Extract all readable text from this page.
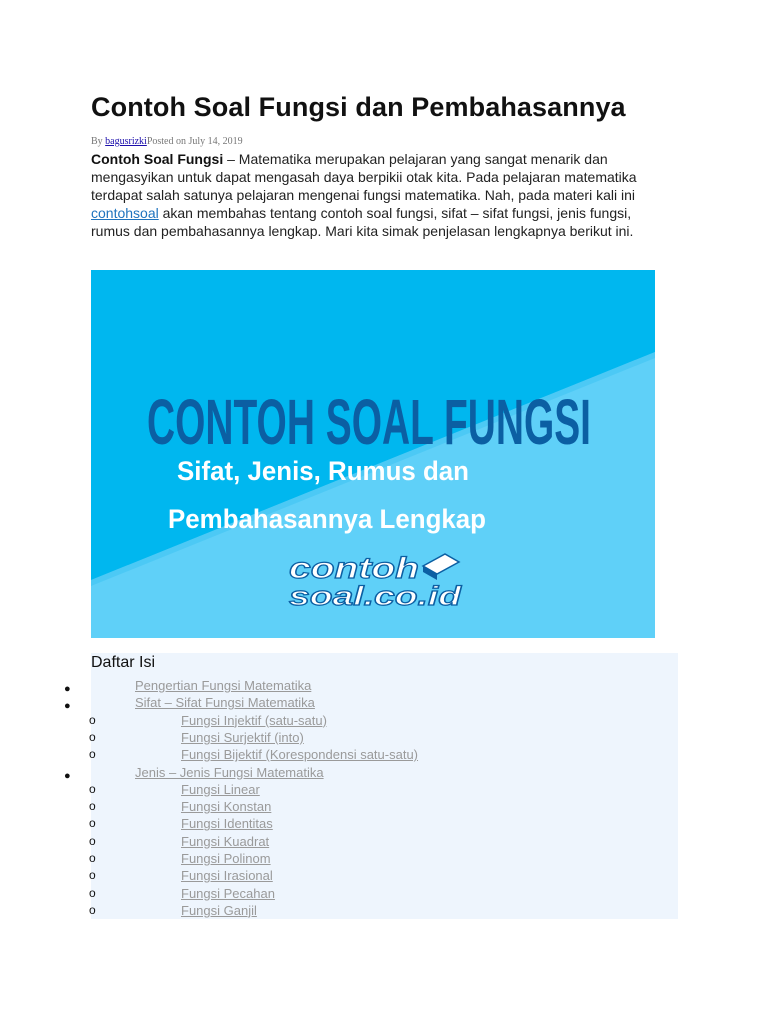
Contoh Soal Fungsi dan Pembahasannya
By bagusrizkiPosted on July 14, 2019

Contoh Soal Fungsi – Matematika merupakan pelajaran yang sangat menarik dan mengasyikan untuk dapat mengasah daya berpikii otak kita. Pada pelajaran matematika terdapat salah satunya pelajaran mengenai fungsi matematika. Nah, pada materi kali ini contohsoal akan membahas tentang contoh soal fungsi, sifat – sifat fungsi, jenis fungsi, rumus dan pembahasannya lengkap. Mari kita simak penjelasan lengkapnya berikut ini.

CONTOH SOAL FUNGSI
Sifat, Jenis, Rumus dan
Pembahasannya Lengkap
contoh
soal.co.id
Daftar Isi
●	Pengertian Fungsi Matematika
●	Sifat – Sifat Fungsi Matematika
o	Fungsi Injektif (satu-satu)
o	Fungsi Surjektif (into)
o	Fungsi Bijektif (Korespondensi satu-satu)
●	Jenis – Jenis Fungsi Matematika
o	Fungsi Linear
o	Fungsi Konstan
o	Fungsi Identitas
o	Fungsi Kuadrat
o	Fungsi Polinom
o	Fungsi Irasional
o	Fungsi Pecahan
o	Fungsi Ganjil
